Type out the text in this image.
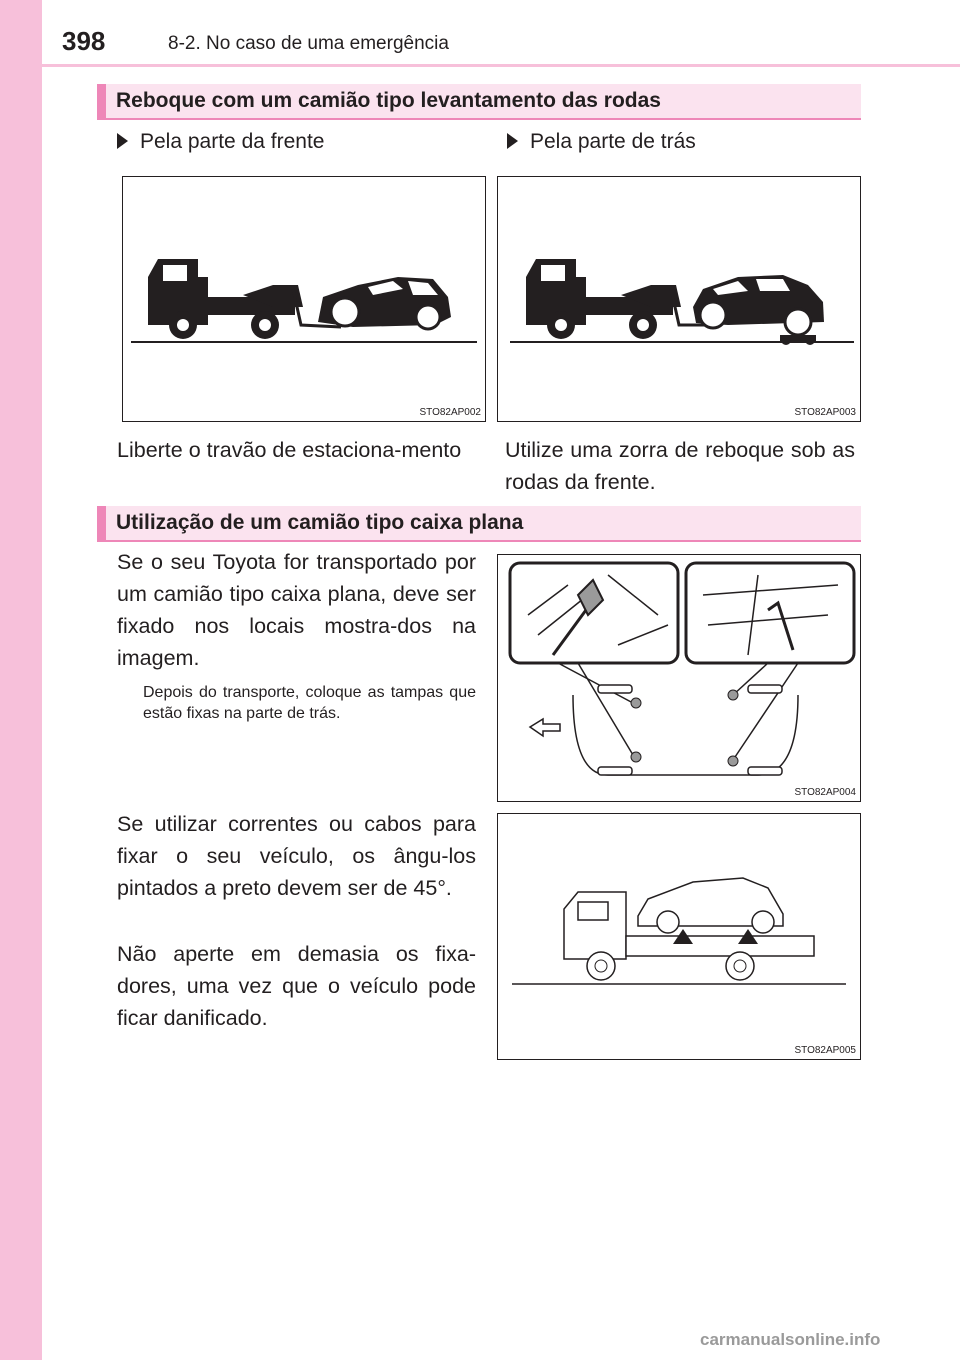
398	8-2. No caso de uma emergência
Reboque com um camião tipo levantamento das rodas
Pela parte da frente	Pela parte de trás
STO82AP002	STO82AP003
Liberte o travão de estaciona-mento	Utilize uma zorra de reboque sob as rodas da frente.
Utilização de um camião tipo caixa plana
Se o seu Toyota for transportado por um camião tipo caixa plana, deve ser fixado nos locais mostra-dos na imagem.
Depois do transporte, coloque as tampas que estão fixas na parte de trás.
Se utilizar correntes ou cabos para fixar o seu veículo, os ângu-los pintados a preto devem ser de 45°.
Não aperte em demasia os fixa-dores, uma vez que o veículo pode ficar danificado.
STO82AP004
STO82AP005
carmanualsonline.info
